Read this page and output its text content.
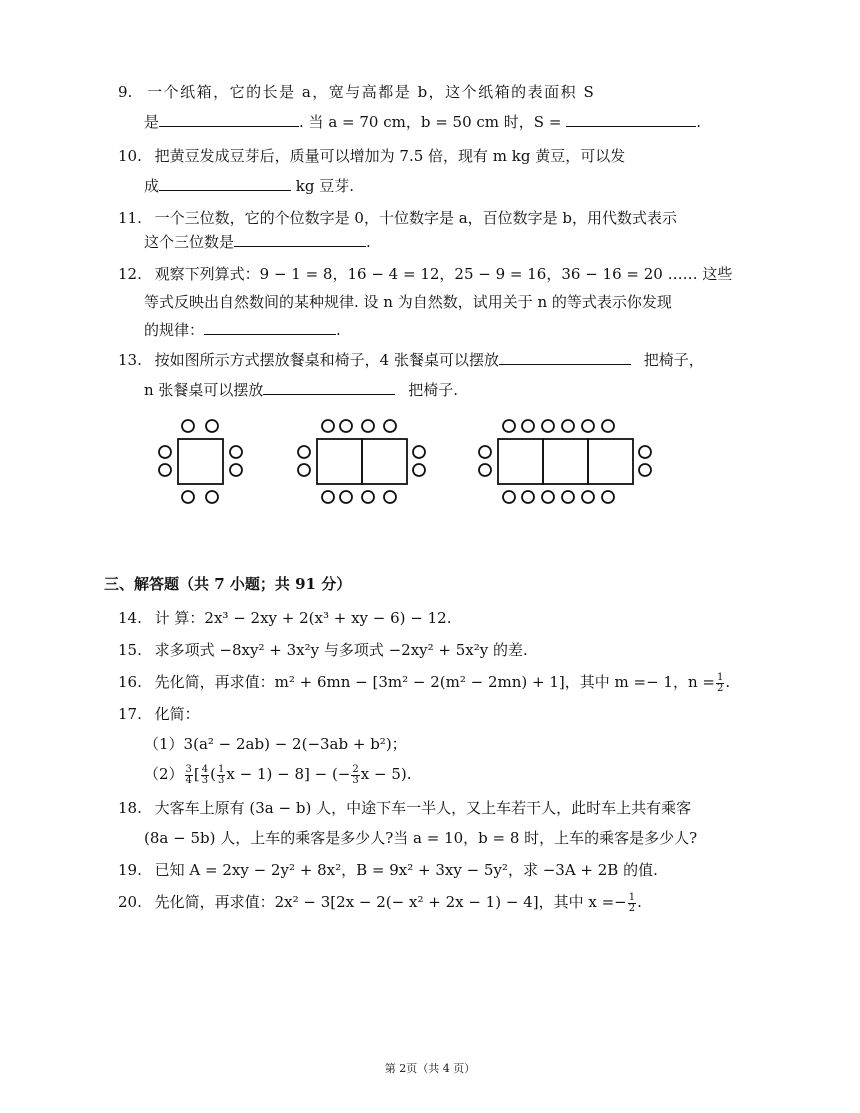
9. 一个纸箱，它的长是 a，宽与高都是 b，这个纸箱的表面积 S
是	. 当 a = 70 cm，b = 50 cm 时，S =	.
10. 把黄豆发成豆芽后，质量可以增加为 7.5 倍，现有 m kg 黄豆，可以发
成	kg 豆芽.
11. 一个三位数，它的个位数字是 0，十位数字是 a，百位数字是 b，用代数式表示
这个三位数是	.
12. 观察下列算式：9 − 1 = 8，16 − 4 = 12，25 − 9 = 16，36 − 16 = 20 …… 这些
等式反映出自然数间的某种规律. 设 n 为自然数，试用关于 n 的等式表示你发现
的规律：	.
13. 按如图所示方式摆放餐桌和椅子，4 张餐桌可以摆放	把椅子，
n 张餐桌可以摆放	把椅子.
三、解答题（共 7 小题；共 91 分）
14. 计 算：2x³ − 2xy + 2(x³ + xy − 6) − 12.
15. 求多项式 −8xy² + 3x²y 与多项式 −2xy² + 5x²y 的差.
16. 先化简，再求值：m² + 6mn − [3m² − 2(m² − 2mn) + 1]，其中 m =− 1，$n = \frac{1}{2}$ .
17. 化简：
（1）3(a² − 2ab) − 2(−3ab + b²)；
$(2) \frac{3}{4}$ [ $\frac{4}{3}$ ( $\frac{1}{3}$ x − 1) − 8] − (− $\frac{2}{3}$ x − 5).
18. 大客车上原有 (3a − b) 人，中途下车一半人，又上车若干人，此时车上共有乘客
(8a − 5b) 人，上车的乘客是多少人?当 a = 10，b = 8 时，上车的乘客是多少人?
19. 已知 A = 2xy − 2y² + 8x²，B = 9x² + 3xy − 5y²，求 −3A + 2B 的值.
20. 先化简，再求值：2x² − 3[2x − 2(− x² + 2x − 1) − 4]，其中 $x =- \frac{1}{2}$ .
第 2页（共 4 页）
